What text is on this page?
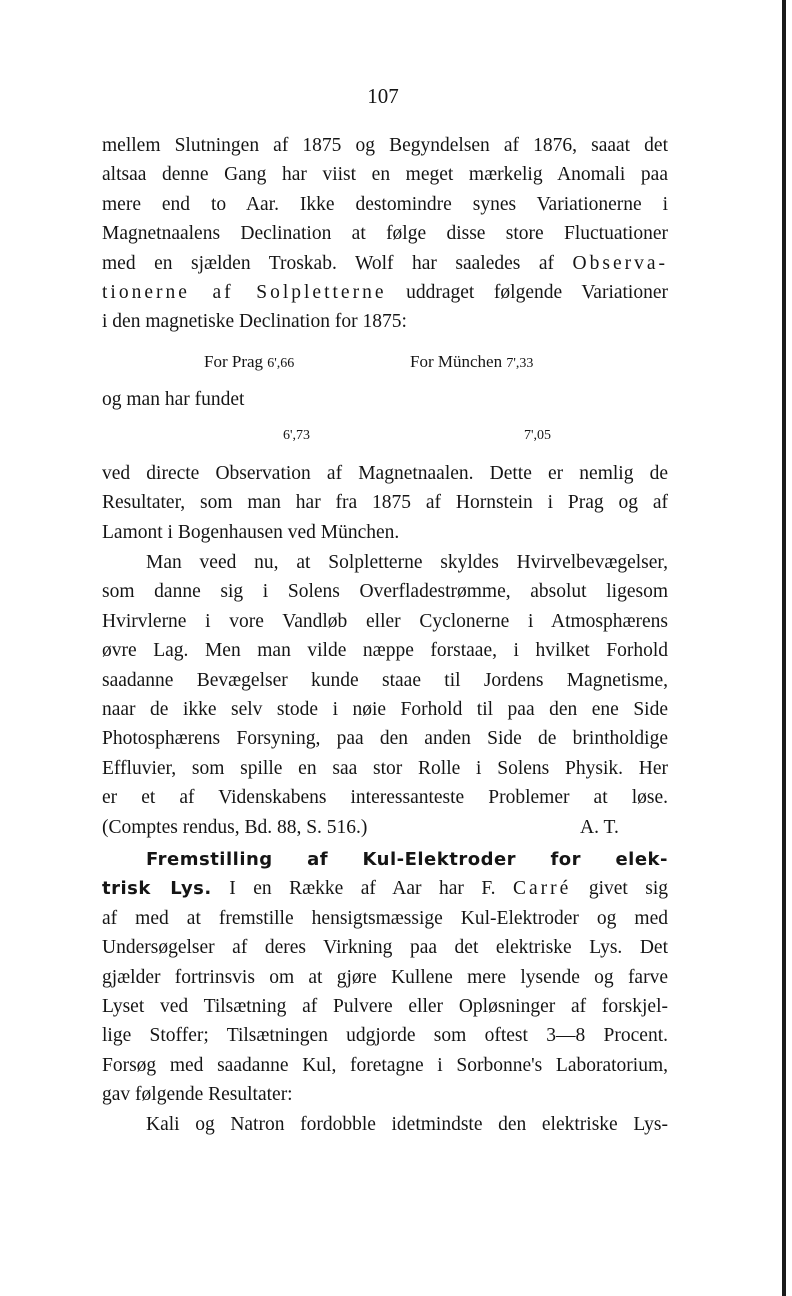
107
mellem Slutningen af 1875 og Begyndelsen af 1876, saaat det
altsaa denne Gang har viist en meget mærkelig Anomali paa
mere end to Aar. Ikke destomindre synes Variationerne i
Magnetnaalens Declination at følge disse store Fluctuationer
med en sjælden Troskab. Wolf har saaledes af Observa-
tionerne af Solpletterne uddraget følgende Variationer
i den magnetiske Declination for 1875:
For Prag 6',66	For München 7',33
og man har fundet
6',73	7',05
ved directe Observation af Magnetnaalen. Dette er nemlig de
Resultater, som man har fra 1875 af Hornstein i Prag og af
Lamont i Bogenhausen ved München.
Man veed nu, at Solpletterne skyldes Hvirvelbevægelser,
som danne sig i Solens Overfladestrømme, absolut ligesom
Hvirvlerne i vore Vandløb eller Cyclonerne i Atmosphærens
øvre Lag. Men man vilde næppe forstaae, i hvilket Forhold
saadanne Bevægelser kunde staae til Jordens Magnetisme,
naar de ikke selv stode i nøie Forhold til paa den ene Side
Photosphærens Forsyning, paa den anden Side de brintholdige
Effluvier, som spille en saa stor Rolle i Solens Physik. Her
er et af Videnskabens interessanteste Problemer at løse.
(Comptes rendus, Bd. 88, S. 516.)	A. T.
Fremstilling af Kul-Elektroder for elek-
trisk Lys. I en Række af Aar har F. Carré givet sig
af med at fremstille hensigtsmæssige Kul-Elektroder og med
Undersøgelser af deres Virkning paa det elektriske Lys. Det
gjælder fortrinsvis om at gjøre Kullene mere lysende og farve
Lyset ved Tilsætning af Pulvere eller Opløsninger af forskjel-
lige Stoffer; Tilsætningen udgjorde som oftest 3—8 Procent.
Forsøg med saadanne Kul, foretagne i Sorbonne's Laboratorium,
gav følgende Resultater:
Kali og Natron fordobble idetmindste den elektriske Lys-
